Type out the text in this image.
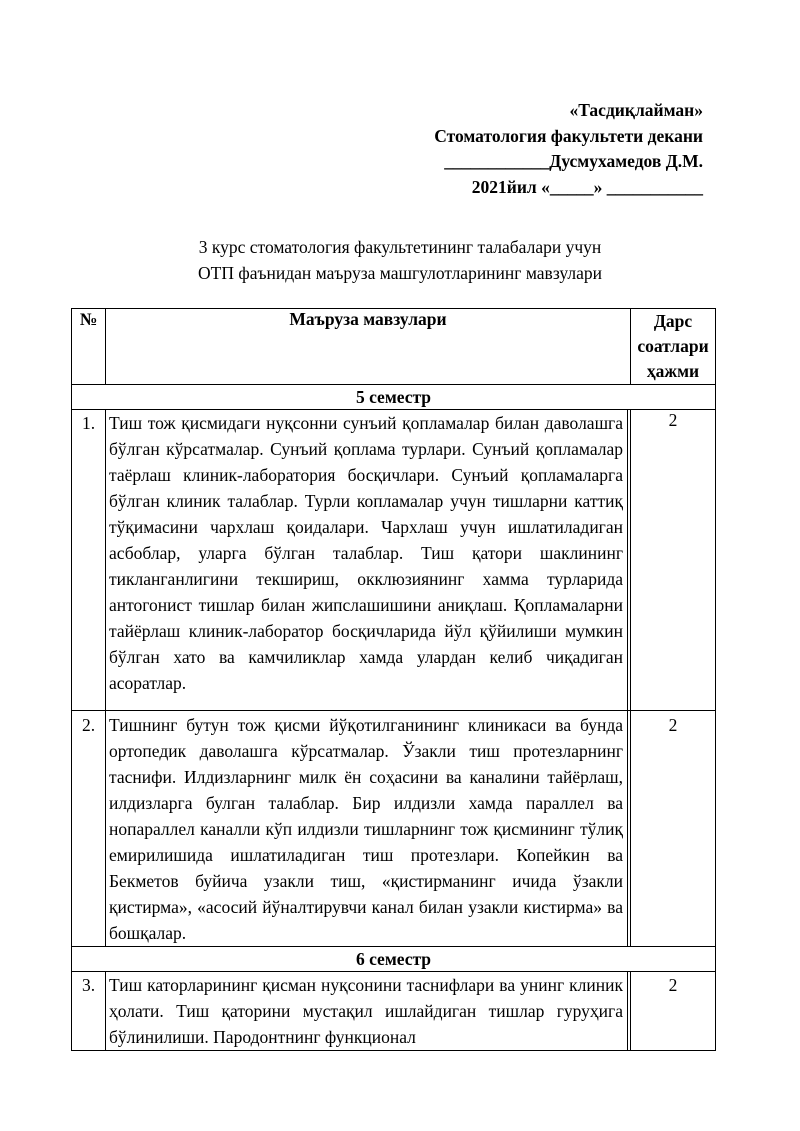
«Тасдиқлайман»
Стоматология факультети декани
____________Дусмухамедов Д.М.
2021йил «_____» ___________
3 курс стоматология факультетининг талабалари учун
ОТП фаънидан маъруза машгулотларининг мавзулари
№	Маъруза мавзулари	Дарс соатлари ҳажми
5 семестр		
1.	Тиш тож қисмидаги нуқсонни сунъий қопламалар билан даволашга бўлган кўрсатмалар. Сунъий қоплама турлари. Сунъий қопламалар таёрлаш клиник-лаборатория босқичлари. Сунъий қопламаларга бўлган клиник талаблар. Турли копламалар учун тишларни каттиқ тўқимасини чархлаш қоидалари. Чархлаш учун ишлатиладиган асбоблар, уларга бўлган талаблар. Тиш қатори шаклининг тикланганлигини текшириш, окклюзиянинг хамма турларида антогонист тишлар билан жипслашишини аниқлаш. Қопламаларни тайёрлаш клиник-лаборатор босқичларида йўл қўйилиши мумкин бўлган хато ва камчиликлар хамда улардан келиб чиқадиган асоратлар.	2
2.	Тишнинг бутун тож қисми йўқотилганининг клиникаси ва бунда ортопедик даволашга кўрсатмалар. Ўзакли тиш протезларнинг таснифи. Илдизларнинг милк ён соҳасини ва каналини тайёрлаш, илдизларга булган талаблар. Бир илдизли хамда параллел ва нопараллел каналли кўп илдизли тишларнинг тож қисмининг тўлиқ емирилишида ишлатиладиган тиш протезлари. Копейкин ва Бекметов буйича узакли тиш, «қистирманинг ичида ўзакли қистирма», «асосий йўналтирувчи канал билан узакли кистирма» ва бошқалар.	2
6 семестр		
3.	Тиш каторларининг қисман нуқсонини таснифлари ва унинг клиник ҳолати. Тиш қаторини мустақил ишлайдиган тишлар гуруҳига бўлинилиши. Пародонтнинг функционал	2
